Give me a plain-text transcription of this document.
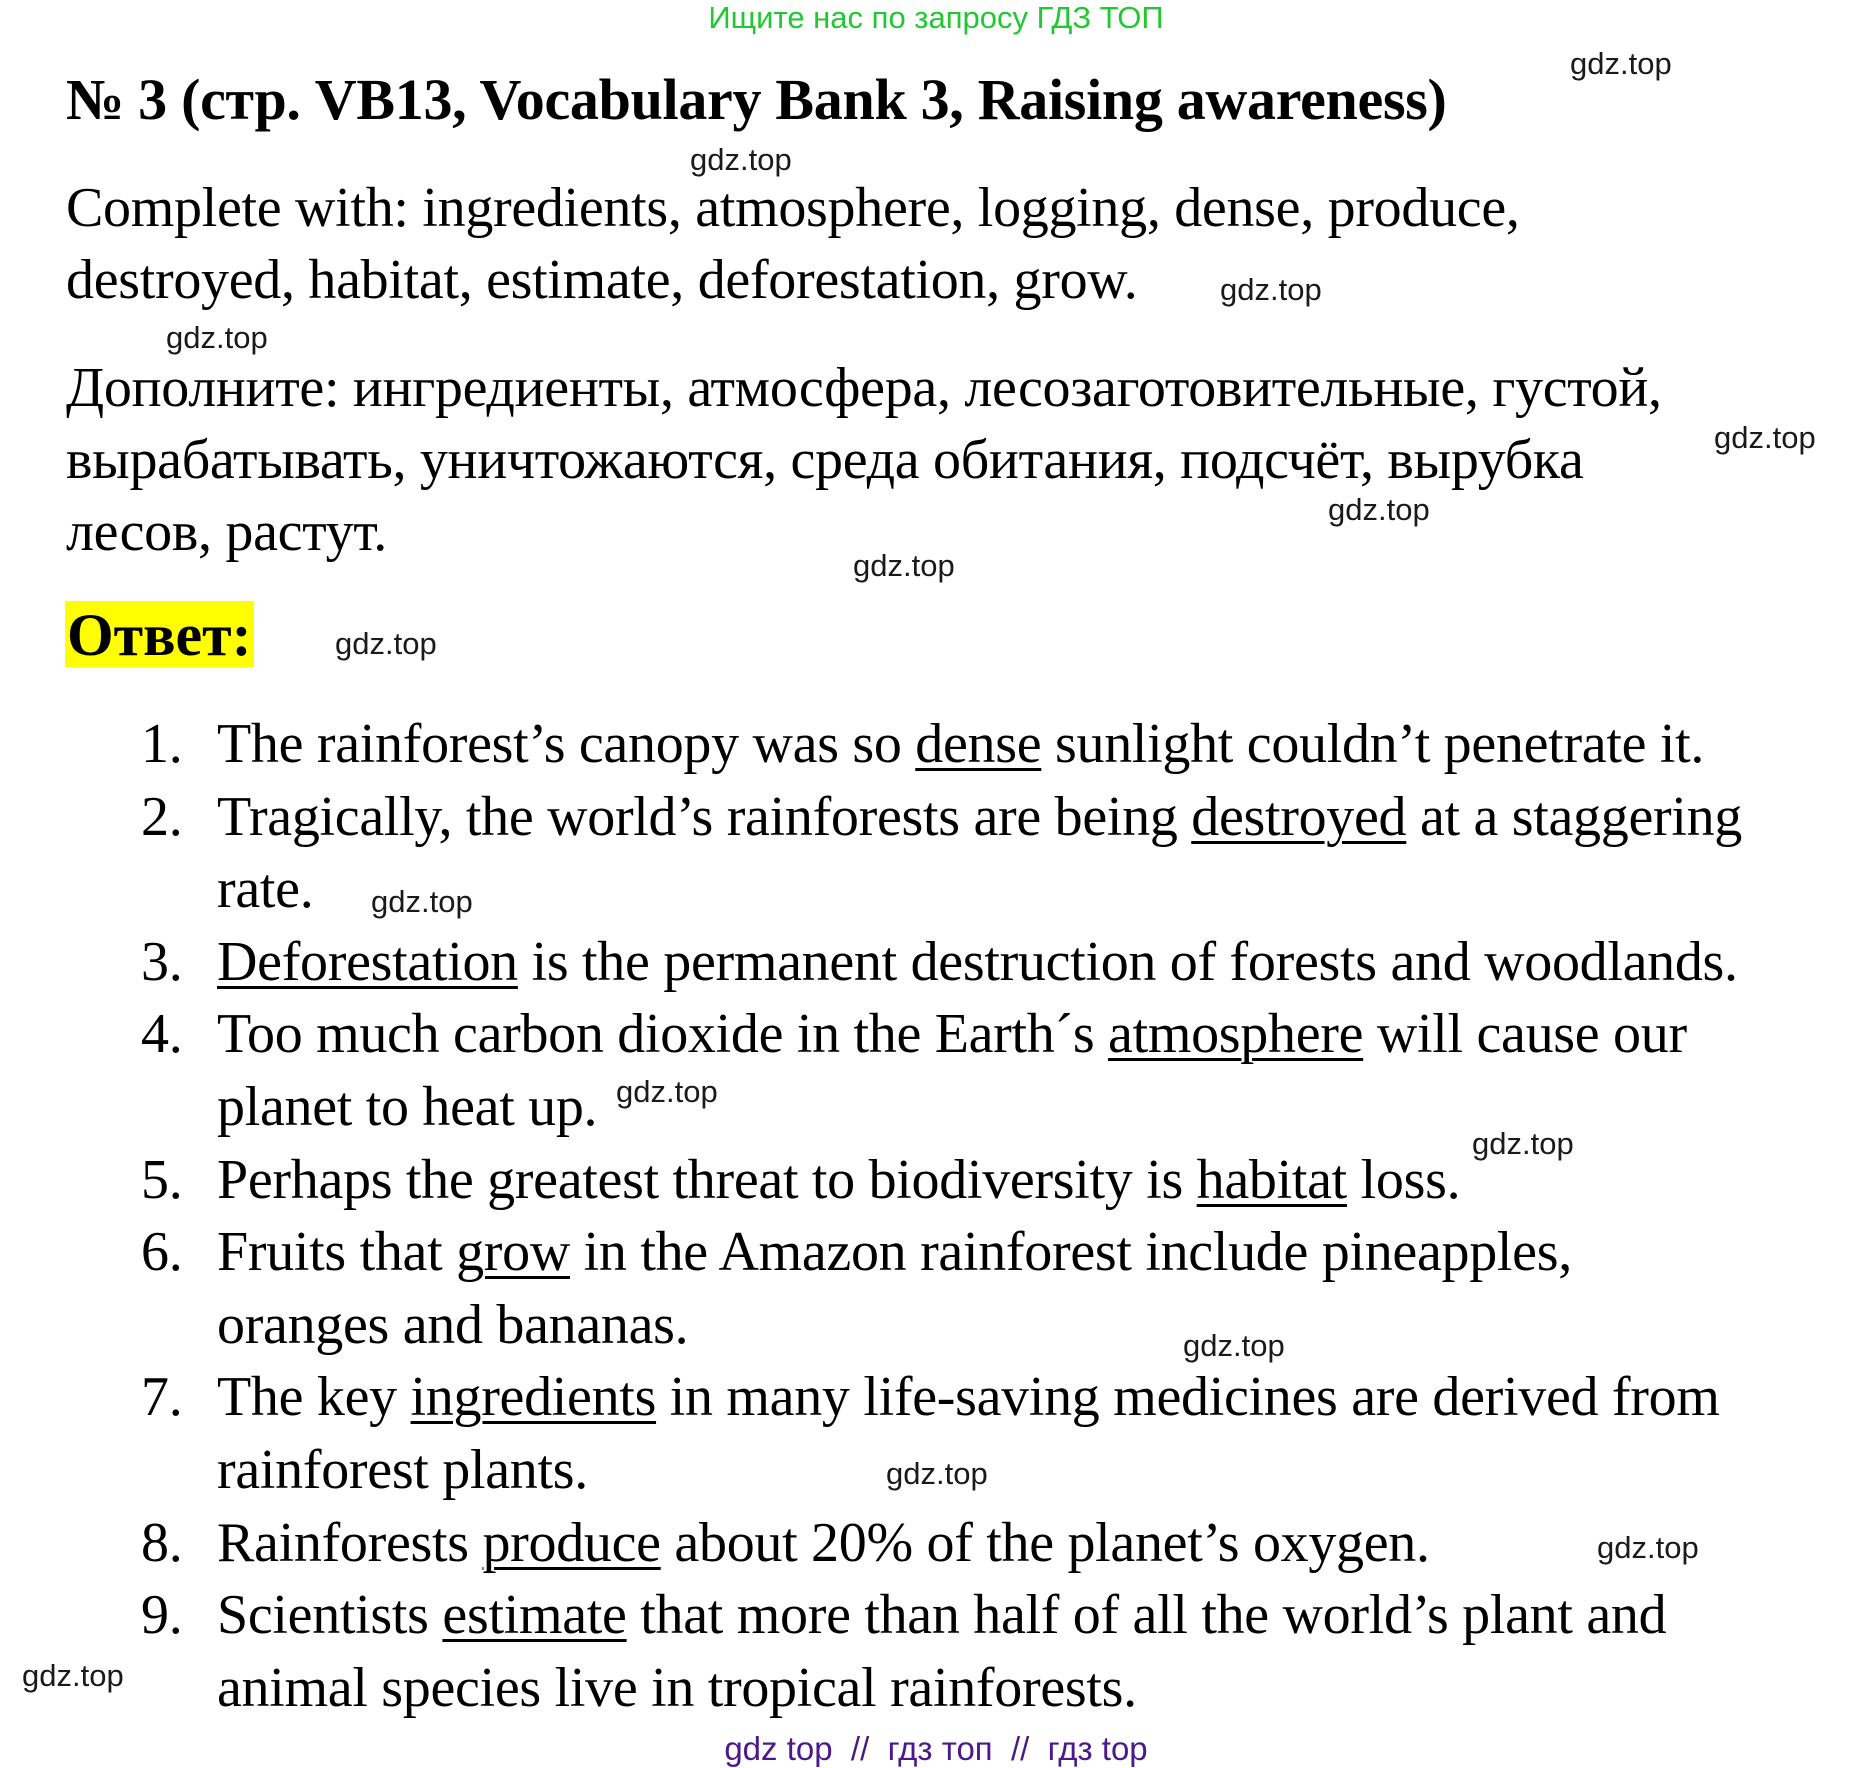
Ищите нас по запросу ГДЗ ТОП
№ 3 (стр. VB13, Vocabulary Bank 3, Raising awareness)
Complete with: ingredients, atmosphere, logging, dense, produce,
destroyed, habitat, estimate, deforestation, grow.
Дополните: ингредиенты, атмосфера, лесозаготовительные, густой,
вырабатывать, уничтожаются, среда обитания, подсчёт, вырубка
лесов, растут.
Ответ:
1. The rainforest’s canopy was so dense sunlight couldn’t penetrate it.
2. Tragically, the world’s rainforests are being destroyed at a staggering
rate.
3. Deforestation is the permanent destruction of forests and woodlands.
4. Too much carbon dioxide in the Earth´s atmosphere will cause our
planet to heat up.
5. Perhaps the greatest threat to biodiversity is habitat loss.
6. Fruits that grow in the Amazon rainforest include pineapples,
oranges and bananas.
7. The key ingredients in many life-saving medicines are derived from
rainforest plants.
8. Rainforests produce about 20% of the planet’s oxygen.
9. Scientists estimate that more than half of all the world’s plant and
animal species live in tropical rainforests.
gdz.top
gdz.top
gdz.top
gdz.top
gdz.top
gdz.top
gdz.top
gdz.top
gdz.top
gdz.top
gdz.top
gdz.top
gdz.top
gdz.top
gdz.top
gdz top  //  гдз топ  //  гдз top
